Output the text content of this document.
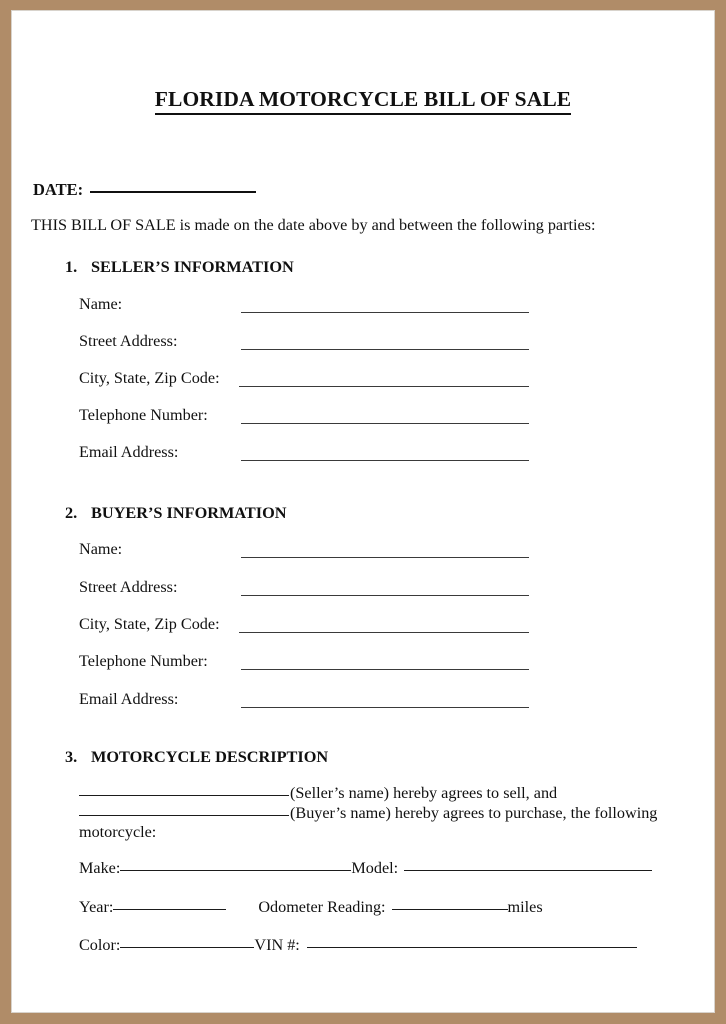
FLORIDA MOTORCYCLE BILL OF SALE
DATE:
THIS BILL OF SALE is made on the date above by and between the following parties:
1. SELLER’S INFORMATION
Name:
Street Address:
City, State, Zip Code:
Telephone Number:
Email Address:
2. BUYER’S INFORMATION
Name:
Street Address:
City, State, Zip Code:
Telephone Number:
Email Address:
3. MOTORCYCLE DESCRIPTION
(Seller’s name) hereby agrees to sell, and
(Buyer’s name) hereby agrees to purchase, the following
motorcycle:
Make:	Model:
Year:	Odometer Reading:	miles
Color:	VIN #:
